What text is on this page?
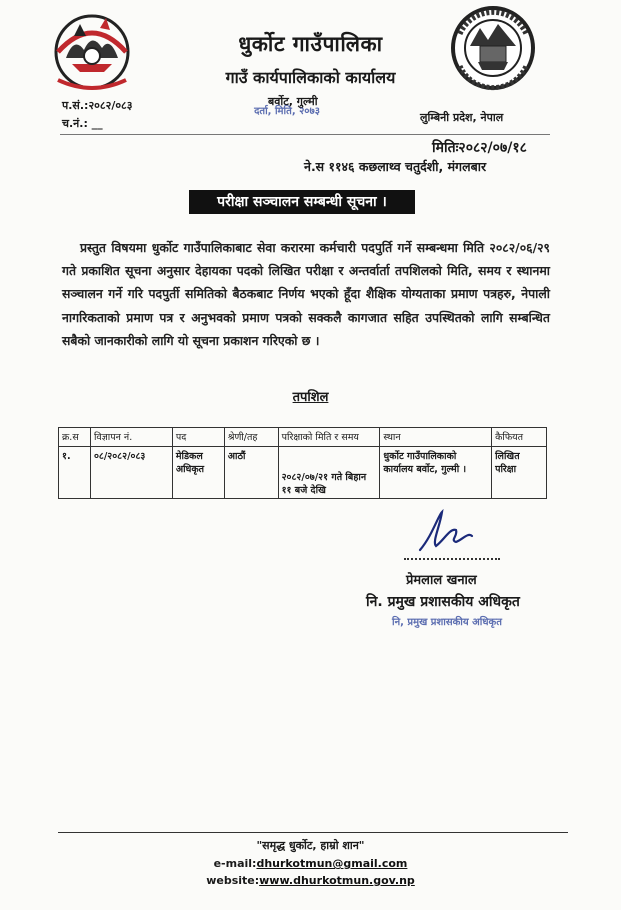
धुर्कोट गाउँपालिका
गाउँ कार्यपालिकाको कार्यालय
बर्वोट, गुल्मी
दर्ता, मिति, २०७३
प.सं.:२०८२/०८३
च.नं.: __	लुम्बिनी प्रदेश, नेपाल
मितिः२०८२/०७/१८
ने.स ११४६ कछलाथ्व चतुर्दशी, मंगलबार
परीक्षा सञ्चालन सम्बन्धी सूचना ।
प्रस्तुत विषयमा धुर्कोट गाउँपालिकाबाट सेवा करारमा कर्मचारी पदपुर्ति गर्ने सम्बन्धमा मिति २०८२/०६/२९ गते प्रकाशित सूचना अनुसार देहायका पदको लिखित परीक्षा र अन्तर्वार्ता तपशिलको मिति, समय र स्थानमा सञ्चालन गर्ने गरि पदपुर्ती समितिको बैठकबाट निर्णय भएको हूँदा शैक्षिक योग्यताका प्रमाण पत्रहरु, नेपाली नागरिकताको प्रमाण पत्र र अनुभवको प्रमाण पत्रको सक्कलै कागजात सहित उपस्थितको लागि सम्बन्धित सबैको जानकारीको लागि यो सूचना प्रकाशन गरिएको छ ।
तपशिल
क्र.स	विज्ञापन नं.	पद	श्रेणी/तह	परिक्षाको मिति र समय	स्थान	कैफियत
१.	०८/२०८२/०८३	मेडिकल अधिकृत	आठौं	२०८२/०७/२१ गते बिहान ११ बजे देखि	धुर्कोट गाउँपालिकाको कार्यालय बर्वोट, गुल्मी ।	लिखित परिक्षा
प्रेमलाल खनाल
नि. प्रमुख प्रशासकीय अधिकृत
नि, प्रमुख प्रशासकीय अधिकृत
"समृद्ध धुर्कोट, हाम्रो शान"
e-mail:dhurkotmun@gmail.com
website:www.dhurkotmun.gov.np
